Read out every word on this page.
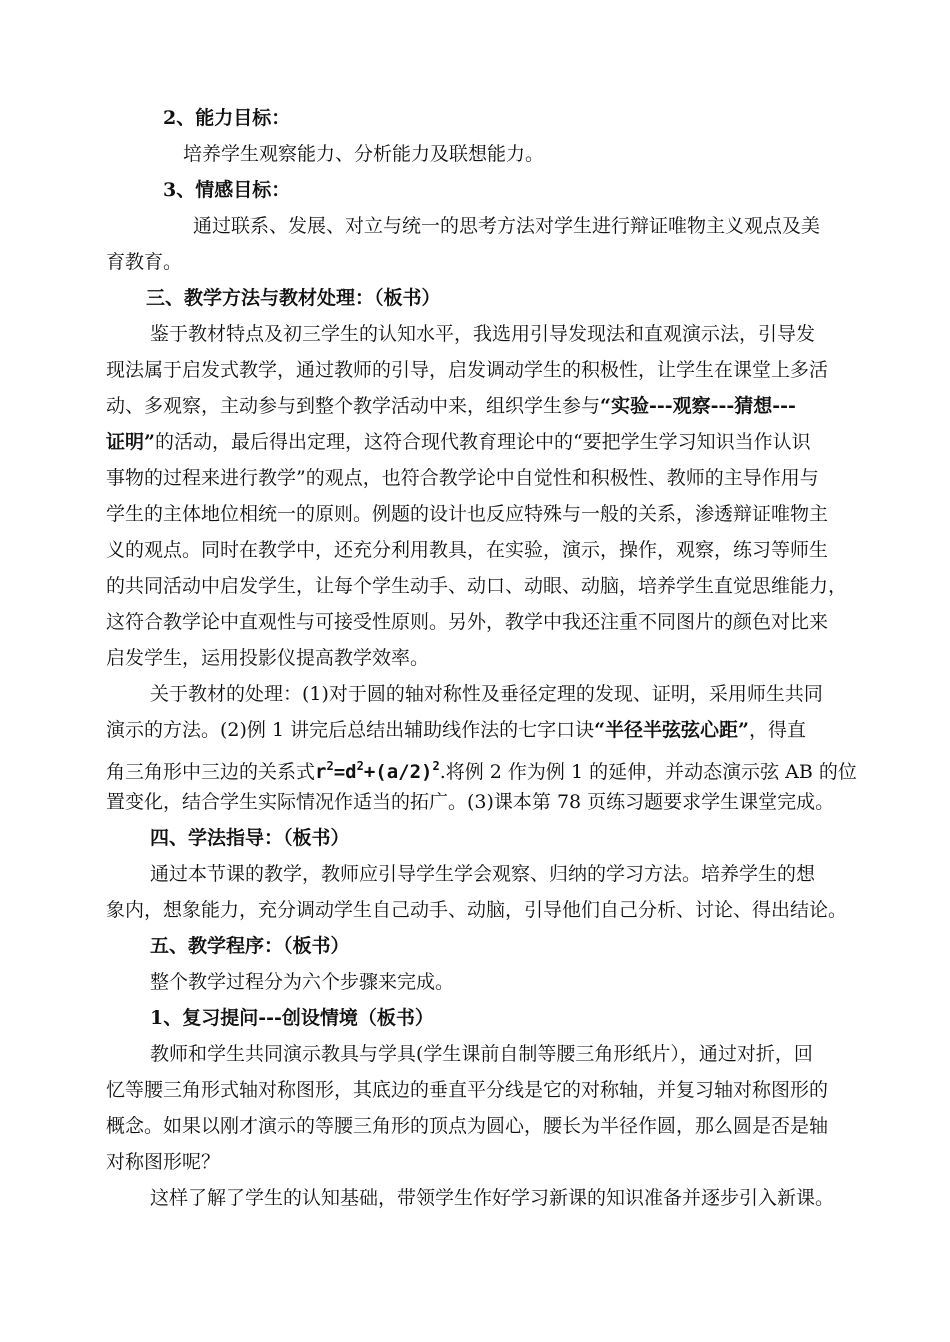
2、能力目标：
培养学生观察能力、分析能力及联想能力。
3、情感目标：
通过联系、发展、对立与统一的思考方法对学生进行辩证唯物主义观点及美
育教育。
三、教学方法与教材处理：（板书）
鉴于教材特点及初三学生的认知水平，我选用引导发现法和直观演示法，引导发
现法属于启发式教学，通过教师的引导，启发调动学生的积极性，让学生在课堂上多活
动、多观察，主动参与到整个教学活动中来，组织学生参与“实验---观察---猜想---
证明”的活动，最后得出定理，这符合现代教育理论中的“要把学生学习知识当作认识
事物的过程来进行教学”的观点，也符合教学论中自觉性和积极性、教师的主导作用与
学生的主体地位相统一的原则。例题的设计也反应特殊与一般的关系，渗透辩证唯物主
义的观点。同时在教学中，还充分利用教具，在实验，演示，操作，观察，练习等师生
的共同活动中启发学生，让每个学生动手、动口、动眼、动脑，培养学生直觉思维能力，
这符合教学论中直观性与可接受性原则。另外，教学中我还注重不同图片的颜色对比来
启发学生，运用投影仪提高教学效率。
关于教材的处理：(1)对于圆的轴对称性及垂径定理的发现、证明，采用师生共同
演示的方法。(2)例 1 讲完后总结出辅助线作法的七字口诀“半径半弦弦心距”，得直
角三角形中三边的关系式$r^2=d^2+(a/2)^2$.将例 2 作为例 1 的延伸，并动态演示弦 AB 的位
置变化，结合学生实际情况作适当的拓广。(3)课本第 78 页练习题要求学生课堂完成。
四、学法指导：（板书）
通过本节课的教学，教师应引导学生学会观察、归纳的学习方法。培养学生的想
象内，想象能力，充分调动学生自己动手、动脑，引导他们自己分析、讨论、得出结论。
五、教学程序：（板书）
整个教学过程分为六个步骤来完成。
1、复习提问---创设情境（板书）
教师和学生共同演示教具与学具(学生课前自制等腰三角形纸片），通过对折，回
忆等腰三角形式轴对称图形，其底边的垂直平分线是它的对称轴，并复习轴对称图形的
概念。如果以刚才演示的等腰三角形的顶点为圆心，腰长为半径作圆，那么圆是否是轴
对称图形呢？
这样了解了学生的认知基础，带领学生作好学习新课的知识准备并逐步引入新课。
